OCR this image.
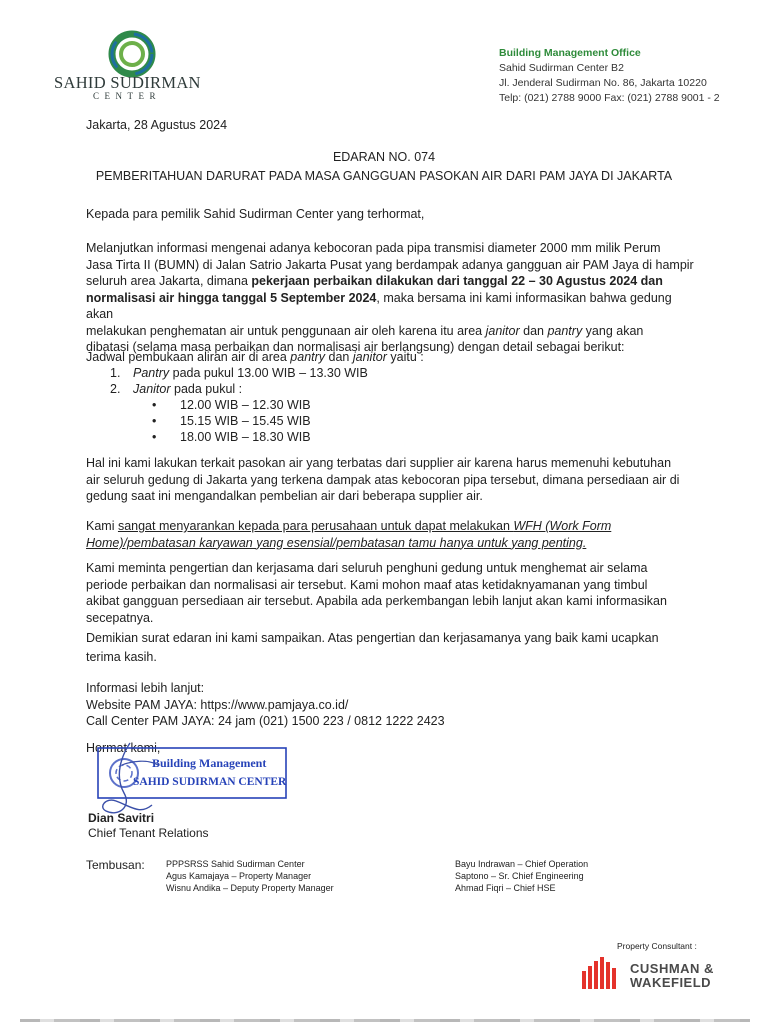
SAHID SUDIRMAN
CENTER
Building Management Office
Sahid Sudirman Center B2
Jl. Jenderal Sudirman No. 86, Jakarta 10220
Telp: (021) 2788 9000 Fax: (021) 2788 9001 - 2
Jakarta, 28 Agustus 2024
EDARAN NO. 074
PEMBERITAHUAN DARURAT PADA MASA GANGGUAN PASOKAN AIR DARI PAM JAYA DI JAKARTA
Kepada para pemilik Sahid Sudirman Center yang terhormat,
Melanjutkan informasi mengenai adanya kebocoran pada pipa transmisi diameter 2000 mm milik Perum
Jasa Tirta II (BUMN) di Jalan Satrio Jakarta Pusat yang berdampak adanya gangguan air PAM Jaya di hampir
seluruh area Jakarta, dimana pekerjaan perbaikan dilakukan dari tanggal 22 – 30 Agustus 2024 dan
normalisasi air hingga tanggal 5 September 2024, maka bersama ini kami informasikan bahwa gedung akan
melakukan penghematan air untuk penggunaan air oleh karena itu area janitor dan pantry yang akan
dibatasi (selama masa perbaikan dan normalisasi air berlangsung) dengan detail sebagai berikut:
Jadwal pembukaan aliran air di area pantry dan janitor yaitu :
1. Pantry pada pukul 13.00 WIB – 13.30 WIB
2. Janitor pada pukul :
• 12.00 WIB – 12.30 WIB
• 15.15 WIB – 15.45 WIB
• 18.00 WIB – 18.30 WIB
Hal ini kami lakukan terkait pasokan air yang terbatas dari supplier air karena harus memenuhi kebutuhan
air seluruh gedung di Jakarta yang terkena dampak atas kebocoran pipa tersebut, dimana persediaan air di
gedung saat ini mengandalkan pembelian air dari beberapa supplier air.
Kami sangat menyarankan kepada para perusahaan untuk dapat melakukan WFH (Work Form
Home)/pembatasan karyawan yang esensial/pembatasan tamu hanya untuk yang penting.
Kami meminta pengertian dan kerjasama dari seluruh penghuni gedung untuk menghemat air selama
periode perbaikan dan normalisasi air tersebut. Kami mohon maaf atas ketidaknyamanan yang timbul
akibat gangguan persediaan air tersebut. Apabila ada perkembangan lebih lanjut akan kami informasikan
secepatnya.
Demikian surat edaran ini kami sampaikan. Atas pengertian dan kerjasamanya yang baik kami ucapkan
terima kasih.
Informasi lebih lanjut:
Website PAM JAYA: https://www.pamjaya.co.id/
Call Center PAM JAYA: 24 jam (021) 1500 223 / 0812 1222 2423
Hormat kami,
Building Management
SAHID SUDIRMAN CENTER
Dian Savitri
Chief Tenant Relations
Tembusan: PPPSRSS Sahid Sudirman Center
Agus Kamajaya – Property Manager
Wisnu Andika – Deputy Property Manager
Bayu Indrawan – Chief Operation
Saptono – Sr. Chief Engineering
Ahmad Fiqri – Chief HSE
Property Consultant :
CUSHMAN &
WAKEFIELD
